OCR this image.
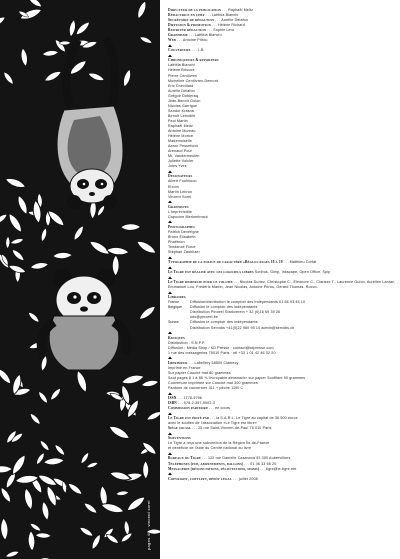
pages 48 · vincent sorel

Directeur de la publication . . . Raphaël Meltz

Rédactrice en chef . . . Laëtitia Bianchi

Secrétaire de rédaction . . . Aurélie Delafon

Diffusion & promotion . . . Hélène Richard

Rewriter rédaction . . . Sophie Léro

Graphisme . . . Laëtitia Bianchi

Web . . . Antoine Pitrou

Couverture . . . L.B.

Chroniqueurs & reporters

Laëtitia Bianchi

Hélène Briscoe

Pierre Centlivres

Micheline Centlivres-Demont

Eric Chevillard

Aurélie Delafon

Grégoir Dobleraq

Jean-Benoît Guion

Nicolas Garrigue

Sandor Krasna

Benoît Lemoble

Paul Martin

Raphaël Meltz

Antoine Moreau

Hélène Morice

Mademoiselle

Aaron Pessefond

Arenaud Pour

Mr. Vandermeulen

Juliette Volcler

Jules Yves

Dessinateurs

Albert Foolmoon

Elxom

Martin Lebrun

Vincent Sorel

Graphistes

L'Imprévisible

Capucine Merkenbrack

Photographes

Patrick Deverigne

Bruno Élisabeth

Phaëtnon

Tendance Floue

Stephan Zaubitzer

Typographie de la police de caractère «Réglo» pages 18 à 19 . . . Matthieu Cortat

Le Tigre est réalisé avec les logiciels libres Scribus, Gimp, Inkscape, Open Office, Spip

Le Tigre remercie pour ce volume . . . Nicolas Duriez, Christophe C., Éléonore C., Clarisse T., Laurence Guion, Aurélien Lantaz, Emmanuel Lou, Frédéric Martin, Jean Nicolas, Antoine Pitrou, Gérard Thomas, Rocco.

Libraires

France	Diffusion/distribution le comptoir des indépendants 01 56 93 45 10
Belgique	Diffusion le comptoir des indépendants
Distribution Pinceel Starkverein + 32 (0)16 69 39 26
info@pinceel.be
Suisse	Diffusion le comptoir des indépendants
Distribution Servidis +41(0)22 960 95 10 admin@servidis.ch

Kiosques

Distribution : S.N.P.P.

Diffusion : Média Shop / KD Presse · contact@kdpresse.com

1 rue des messageries 75010 Paris · tél +33 1 01 42 46 02 20

Imprimeur . . . Labellery 58500 Clamecy

Imprimé en France

Sur papier Couché mat 80 grammes

Saut pages 8 1 à 86 +L'incroyable almanach» sur papier Soufflant 90 grammes

Couverture imprimée sur Couché mat 300 grammes

Pantone de couverture 311 + pêche 1190 C

ISSN . . . 1778-9796

ISBN . . . 978-2-357-9002-3

Commission paritaire . . . en cours

Le Tigre est édité par . . . la S.A.R.L. Le Tigre au capital de 36 500 euros

avec le soutien de l'association «Le Tigre est libre»

Siège social . . . 25 rue Saint-Vincent-de-Paul 75 010 Paris

Subventions

Le Tigre a reçu une subvention de la Région Île-de-France

et bénéficie de l'aide du Centre national du livre

Bureaux du Tigre . . . 122 rue Danielle Casanova 93 300 Aubervilliers

Téléphones (pub, abonnements, ballons) . . . 01 46 33 55 20

Messagerie (dénonciations, félicitations, spams) . . . tigre@le-tigre.net

Copyright, copyleft, dépôt légal . . . juillet 2008
